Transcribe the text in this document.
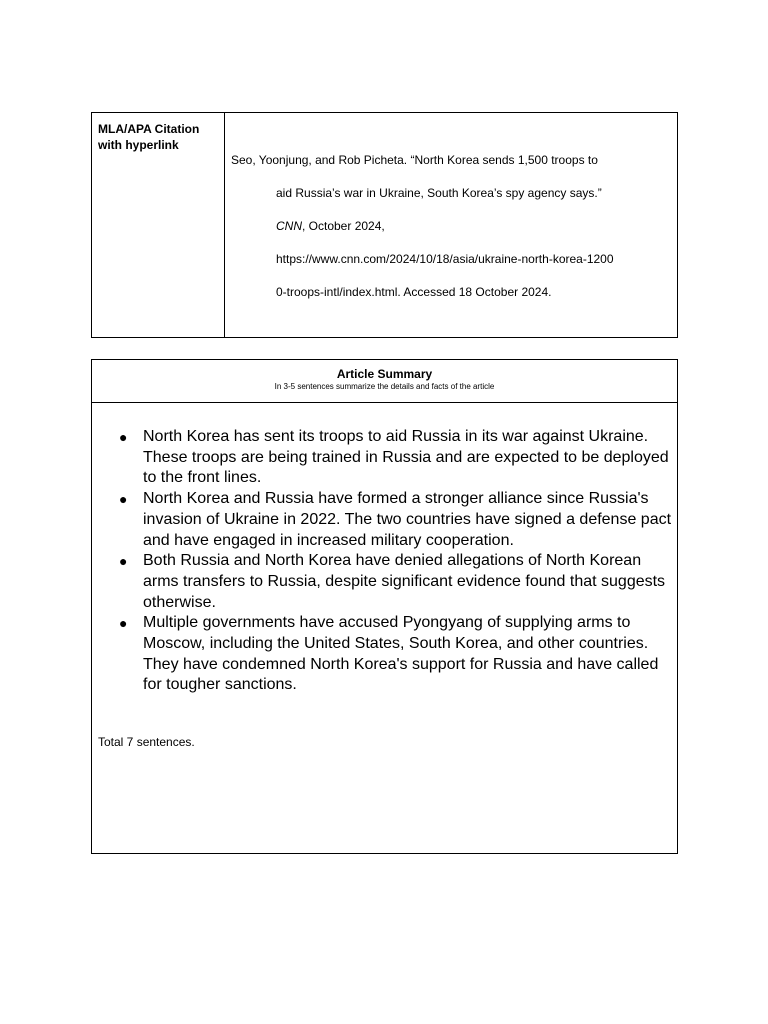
MLA/APA Citation with hyperlink
Seo, Yoonjung, and Rob Picheta. “North Korea sends 1,500 troops to
aid Russia’s war in Ukraine, South Korea’s spy agency says.”
CNN, October 2024,
https://www.cnn.com/2024/10/18/asia/ukraine-north-korea-1200
0-troops-intl/index.html. Accessed 18 October 2024.
Article Summary
In 3-5 sentences summarize the details and facts of the article
● North Korea has sent its troops to aid Russia in its war against Ukraine. These troops are being trained in Russia and are expected to be deployed to the front lines.
● North Korea and Russia have formed a stronger alliance since Russia's invasion of Ukraine in 2022. The two countries have signed a defense pact and have engaged in increased military cooperation.
● Both Russia and North Korea have denied allegations of North Korean arms transfers to Russia, despite significant evidence found that suggests otherwise.
● Multiple governments have accused Pyongyang of supplying arms to Moscow, including the United States, South Korea, and other countries. They have condemned North Korea's support for Russia and have called for tougher sanctions.
Total 7 sentences.
